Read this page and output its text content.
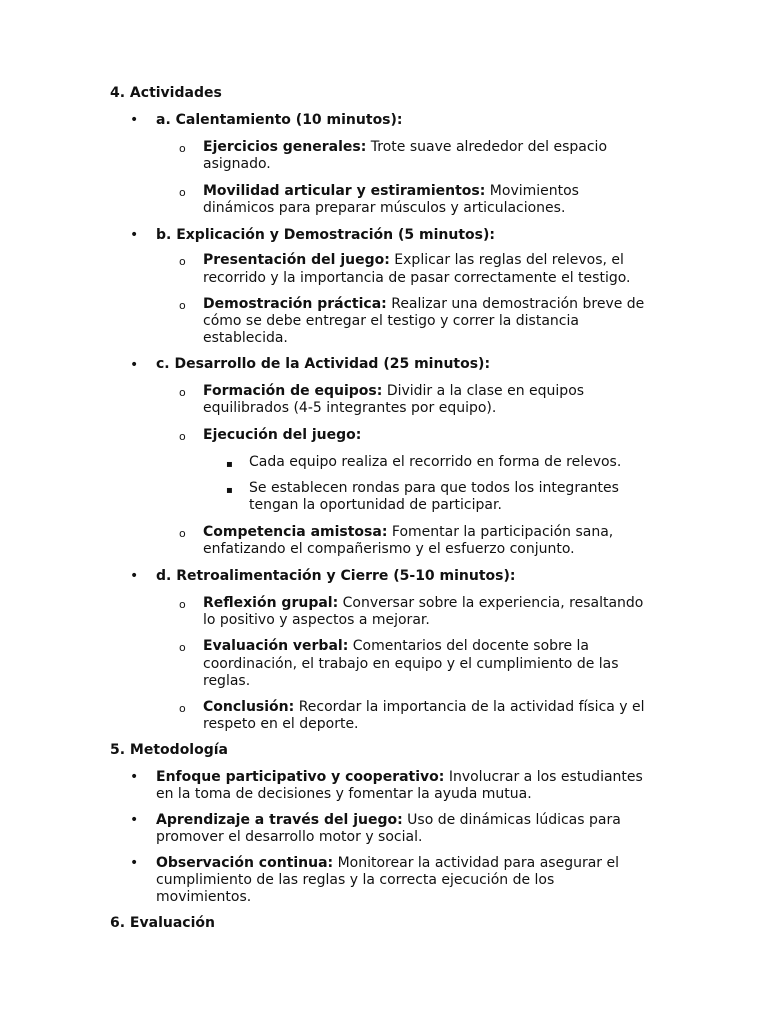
4. Actividades
• a. Calentamiento (10 minutos):
o Ejercicios generales: Trote suave alrededor del espacio
asignado.
o Movilidad articular y estiramientos: Movimientos
dinámicos para preparar músculos y articulaciones.
• b. Explicación y Demostración (5 minutos):
o Presentación del juego: Explicar las reglas del relevos, el
recorrido y la importancia de pasar correctamente el testigo.
o Demostración práctica: Realizar una demostración breve de
cómo se debe entregar el testigo y correr la distancia
establecida.
• c. Desarrollo de la Actividad (25 minutos):
o Formación de equipos: Dividir a la clase en equipos
equilibrados (4-5 integrantes por equipo).
o Ejecución del juego:
▪ Cada equipo realiza el recorrido en forma de relevos.
▪ Se establecen rondas para que todos los integrantes
tengan la oportunidad de participar.
o Competencia amistosa: Fomentar la participación sana,
enfatizando el compañerismo y el esfuerzo conjunto.
• d. Retroalimentación y Cierre (5-10 minutos):
o Reflexión grupal: Conversar sobre la experiencia, resaltando
lo positivo y aspectos a mejorar.
o Evaluación verbal: Comentarios del docente sobre la
coordinación, el trabajo en equipo y el cumplimiento de las
reglas.
o Conclusión: Recordar la importancia de la actividad física y el
respeto en el deporte.
5. Metodología
• Enfoque participativo y cooperativo: Involucrar a los estudiantes
en la toma de decisiones y fomentar la ayuda mutua.
• Aprendizaje a través del juego: Uso de dinámicas lúdicas para
promover el desarrollo motor y social.
• Observación continua: Monitorear la actividad para asegurar el
cumplimiento de las reglas y la correcta ejecución de los
movimientos.
6. Evaluación
